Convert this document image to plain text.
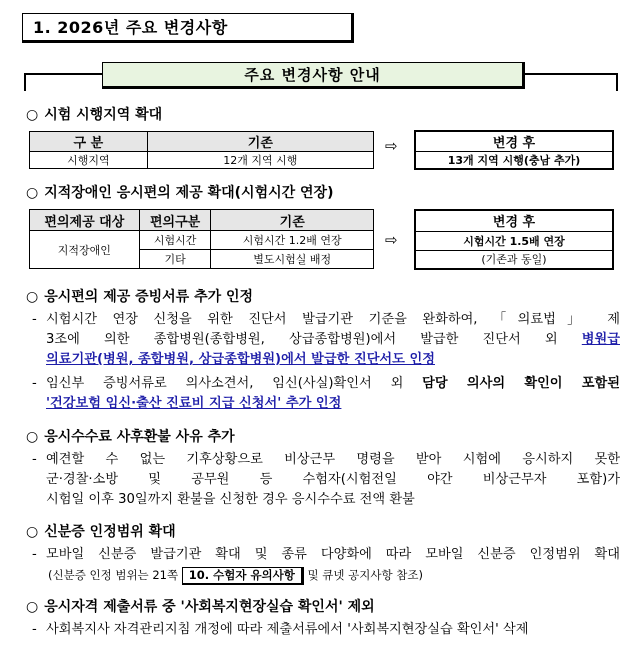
1. 2026년 주요 변경사항
주요 변경사항 안내
○ 시험 시행지역 확대
구 분	기존
시행지역	12개 지역 시행
⇨	변경 후
13개 지역 시행(충남 추가)
○ 지적장애인 응시편의 제공 확대(시험시간 연장)
편의제공 대상	편의구분	기존
지적장애인	시험시간	시험시간 1.2배 연장
	기타	별도시험실 배정
⇨
변경 후
시험시간 1.5배 연장
(기존과 동일)
○ 응시편의 제공 증빙서류 추가 인정
- 시험시간 연장 신청을 위한 진단서 발급기관 기준을 완화하여, 「의료법」 제
3조에 의한 종합병원(종합병원, 상급종합병원)에서 발급한 진단서 외 병원급
의료기관(병원, 종합병원, 상급종합병원)에서 발급한 진단서도 인정
- 임신부 증빙서류로 의사소견서, 임신(사실)확인서 외 담당 의사의 확인이 포함된
'건강보험 임신·출산 진료비 지급 신청서' 추가 인정
○ 응시수수료 사후환불 사유 추가
- 예견할 수 없는 기후상황으로 비상근무 명령을 받아 시험에 응시하지 못한
군·경찰·소방 및 공무원 등 수험자(시험전일 야간 비상근무자 포함)가
시험일 이후 30일까지 환불을 신청한 경우 응시수수료 전액 환불
○ 신분증 인정범위 확대
- 모바일 신분증 발급기관 확대 및 종류 다양화에 따라 모바일 신분증 인정범위 확대
(신분증 인정 범위는 21쪽 10. 수험자 유의사항 및 큐넷 공지사항 참조)
○ 응시자격 제출서류 중 '사회복지현장실습 확인서' 제외
- 사회복지사 자격관리지침 개정에 따라 제출서류에서 '사회복지현장실습 확인서' 삭제
